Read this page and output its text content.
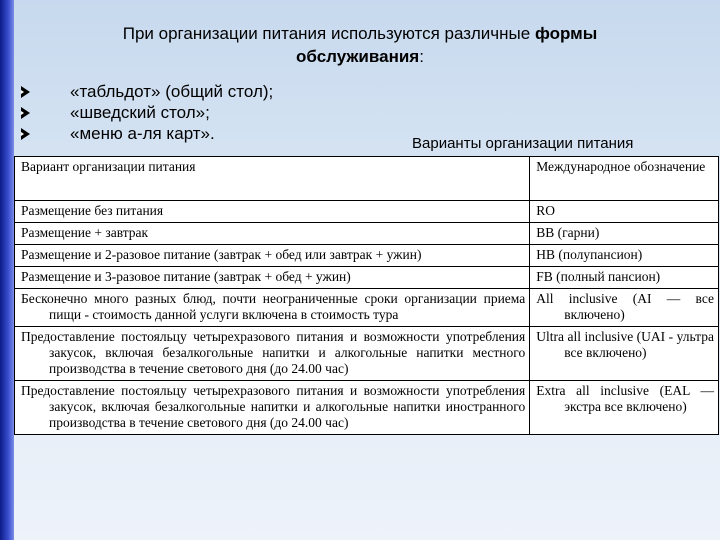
При организации питания используются различные формы обслуживания:
«табльдот» (общий стол);
«шведский стол»;
«меню а-ля карт».
Варианты организации питания
Вариант организации питания	Международное обозначение
Размещение без питания	RO
Размещение + завтрак	BB (гарни)
Размещение и 2-разовое питание (завтрак + обед или завтрак + ужин)	HB (полупансион)
Размещение и 3-разовое питание (завтрак + обед + ужин)	FB (полный пансион)
Бесконечно много разных блюд, почти неограниченные сроки организации приема пищи - стоимость данной услуги включена в стоимость тура	All inclusive (AI — все включено)
Предоставление постояльцу четырехразового питания и возможности употребления закусок, включая безалкогольные напитки и алкогольные напитки местного производства в течение светового дня (до 24.00 час)	Ultra all inclusive (UAI - ультра все включено)
Предоставление постояльцу четырехразового питания и возможности употребления закусок, включая безалкогольные напитки и алкогольные напитки иностранного производства в течение светового дня (до 24.00 час)	Extra all inclusive (EAL — экстра все включено)
